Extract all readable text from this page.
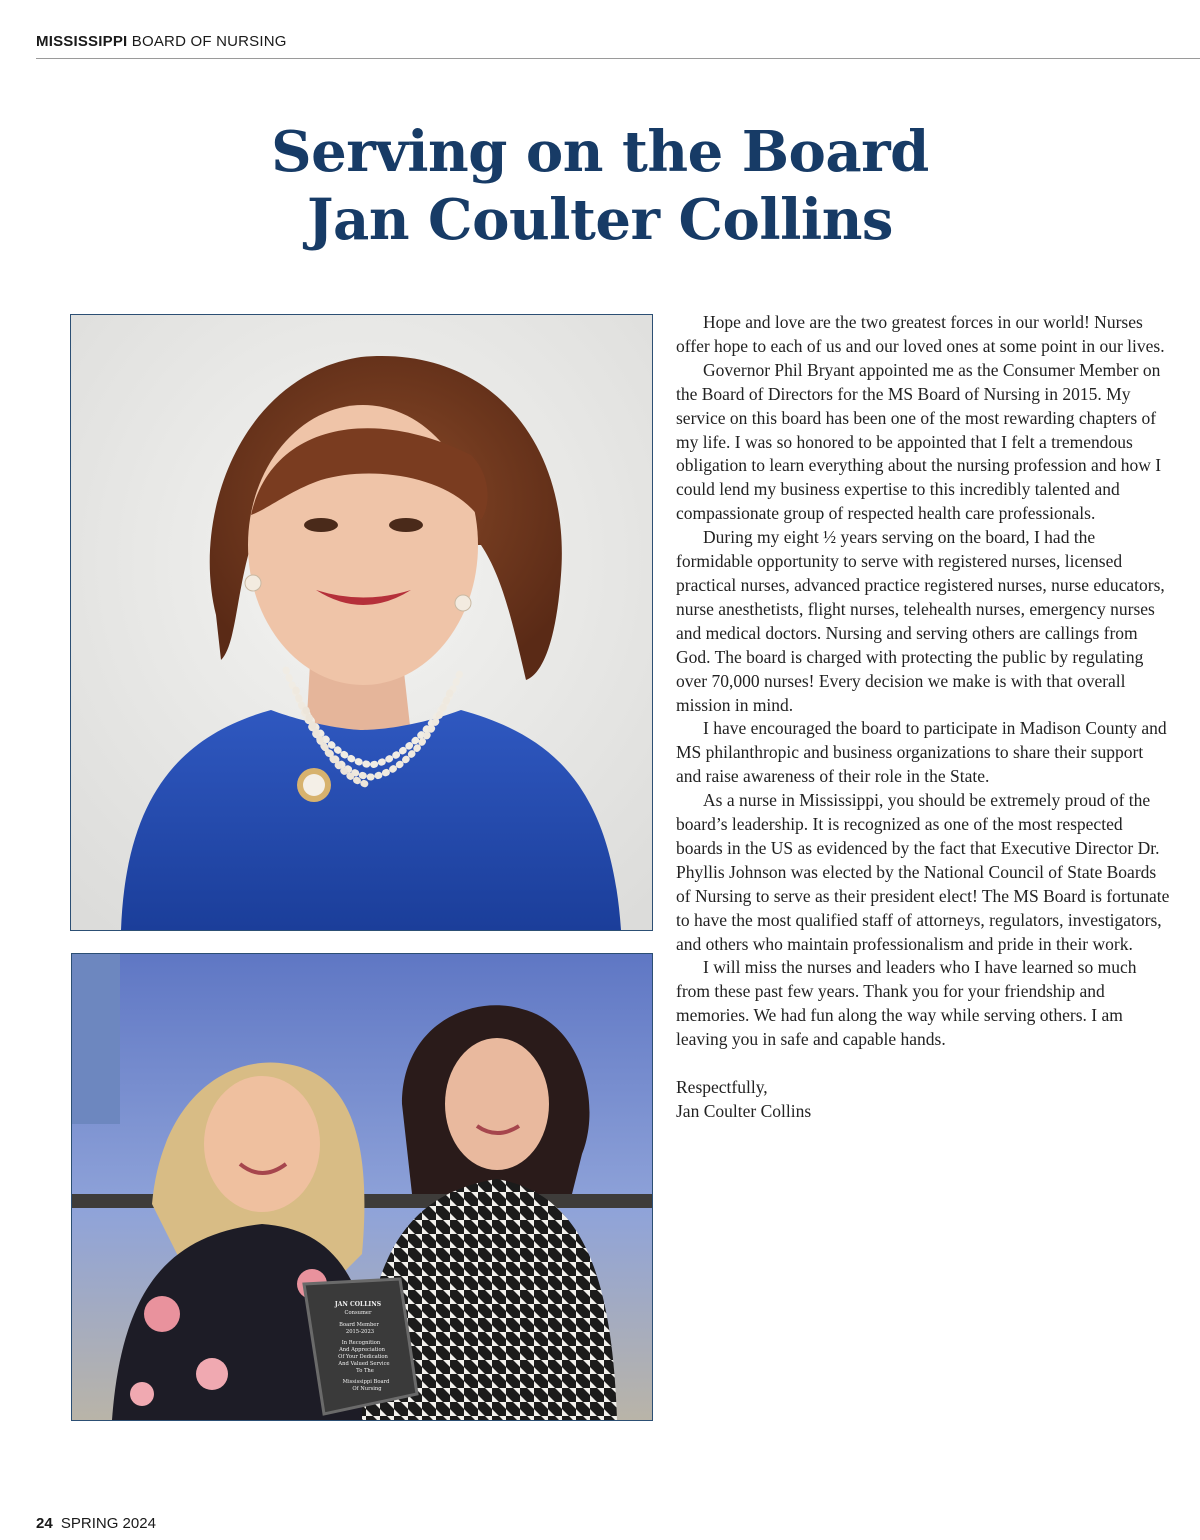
MISSISSIPPI BOARD OF NURSING
Serving on the Board
Jan Coulter Collins
JAN COLLINS
Consumer
Board Member
2015-2023
In Recognition
And Appreciation
Of Your Dedication
And Valued Service
To The
Mississippi Board
Of Nursing

Hope and love are the two greatest forces in our world! Nurses offer hope to each of us and our loved ones at some point in our lives.

Governor Phil Bryant appointed me as the Consumer Member on the Board of Directors for the MS Board of Nursing in 2015. My service on this board has been one of the most rewarding chapters of my life. I was so honored to be appointed that I felt a tremendous obligation to learn everything about the nursing profession and how I could lend my business expertise to this incredibly talented and compassionate group of respected health care professionals.

During my eight ½ years serving on the board, I had the formidable opportunity to serve with registered nurses, licensed practical nurses, advanced practice registered nurses, nurse educators, nurse anesthetists, flight nurses, telehealth nurses, emergency nurses and medical doctors. Nursing and serving others are callings from God. The board is charged with protecting the public by regulating over 70,000 nurses! Every decision we make is with that overall mission in mind.

I have encouraged the board to participate in Madison County and MS philanthropic and business organizations to share their support and raise awareness of their role in the State.

As a nurse in Mississippi, you should be extremely proud of the board’s leadership. It is recognized as one of the most respected boards in the US as evidenced by the fact that Executive Director Dr. Phyllis Johnson was elected by the National Council of State Boards of Nursing to serve as their president elect! The MS Board is fortunate to have the most qualified staff of attorneys, regulators, investigators, and others who maintain professionalism and pride in their work.

I will miss the nurses and leaders who I have learned so much from these past few years. Thank you for your friendship and memories. We had fun along the way while serving others. I am leaving you in safe and capable hands.

Respectfully,

Jan Coulter Collins

24 SPRING 2024
